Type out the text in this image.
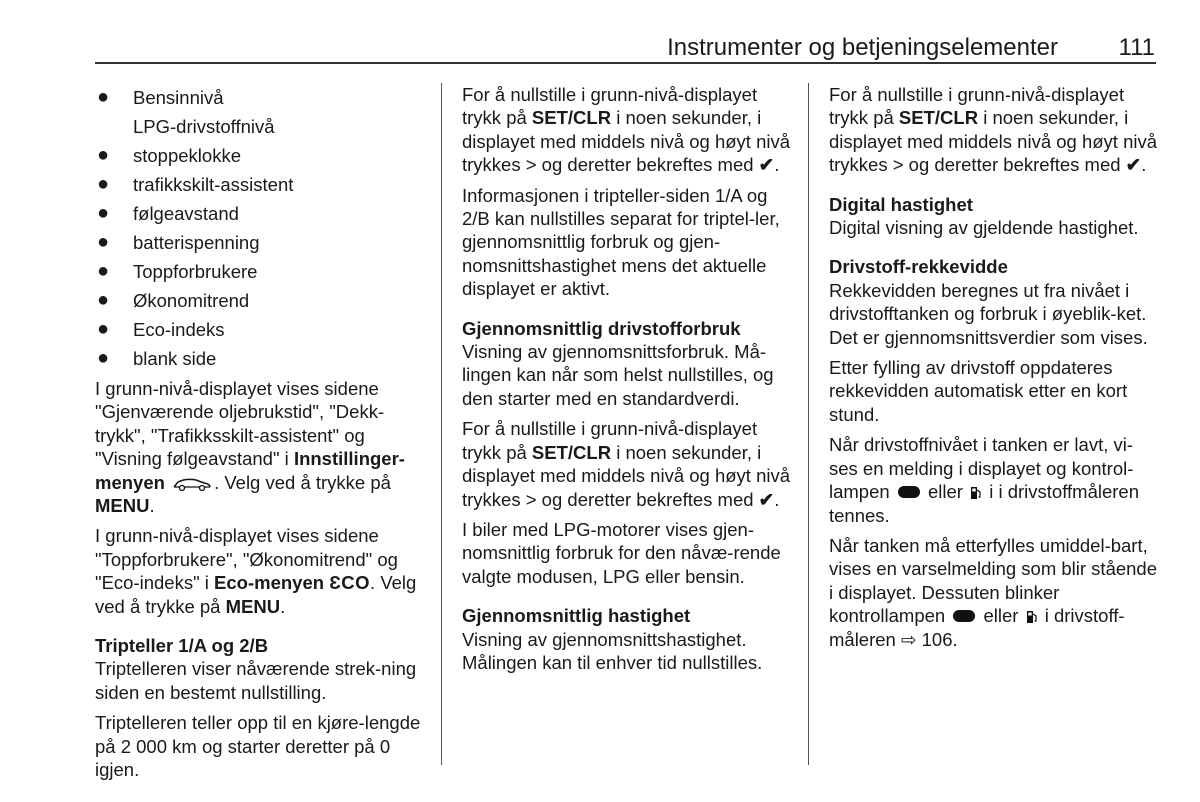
Instrumenter og betjeningselementer	111
● Bensinnivå
LPG-drivstoffnivå
● stoppeklokke
● trafikkskilt-assistent
● følgeavstand
● batterispenning
● Toppforbrukere
● Økonomitrend
● Eco-indeks
● blank side

I grunn-nivå-displayet vises sidene "Gjenværende oljebrukstid", "Dekk-trykk", "Trafikksskilt-assistent" og "Visning følgeavstand" i Innstillinger-menyen	. Velg ved å trykke på MENU.

I grunn-nivå-displayet vises sidene "Toppforbrukere", "Økonomitrend" og "Eco-indeks" i Eco-menyen ƐCO. Velg ved å trykke på MENU.

Tripteller 1/A og 2/B

Triptelleren viser nåværende strek-ning siden en bestemt nullstilling.

Triptelleren teller opp til en kjøre-lengde på 2 000 km og starter deretter på 0 igjen.

For å nullstille i grunn-nivå-displayet trykk på SET/CLR i noen sekunder, i displayet med middels nivå og høyt nivå trykkes > og deretter bekreftes med ✔.

Informasjonen i tripteller-siden 1/A og 2/B kan nullstilles separat for triptel-ler, gjennomsnittlig forbruk og gjen-nomsnittshastighet mens det aktuelle displayet er aktivt.

Gjennomsnittlig drivstofforbruk

Visning av gjennomsnittsforbruk. Må-lingen kan når som helst nullstilles, og den starter med en standardverdi.

For å nullstille i grunn-nivå-displayet trykk på SET/CLR i noen sekunder, i displayet med middels nivå og høyt nivå trykkes > og deretter bekreftes med ✔.

I biler med LPG-motorer vises gjen-nomsnittlig forbruk for den nåvæ-rende valgte modusen, LPG eller bensin.

Gjennomsnittlig hastighet

Visning av gjennomsnittshastighet. Målingen kan til enhver tid nullstilles.

For å nullstille i grunn-nivå-displayet trykk på SET/CLR i noen sekunder, i displayet med middels nivå og høyt nivå trykkes > og deretter bekreftes med ✔.

Digital hastighet

Digital visning av gjeldende hastighet.

Drivstoff-rekkevidde

Rekkevidden beregnes ut fra nivået i drivstofftanken og forbruk i øyeblik-ket. Det er gjennomsnittsverdier som vises.

Etter fylling av drivstoff oppdateres rekkevidden automatisk etter en kort stund.

Når drivstoffnivået i tanken er lavt, vi-ses en melding i displayet og kontrol-lampen  eller  i i drivstoffmåleren tennes.

Når tanken må etterfylles umiddel-bart, vises en varselmelding som blir stående i displayet. Dessuten blinker kontrollampen  eller  i drivstoff-måleren ⇨ 106.
